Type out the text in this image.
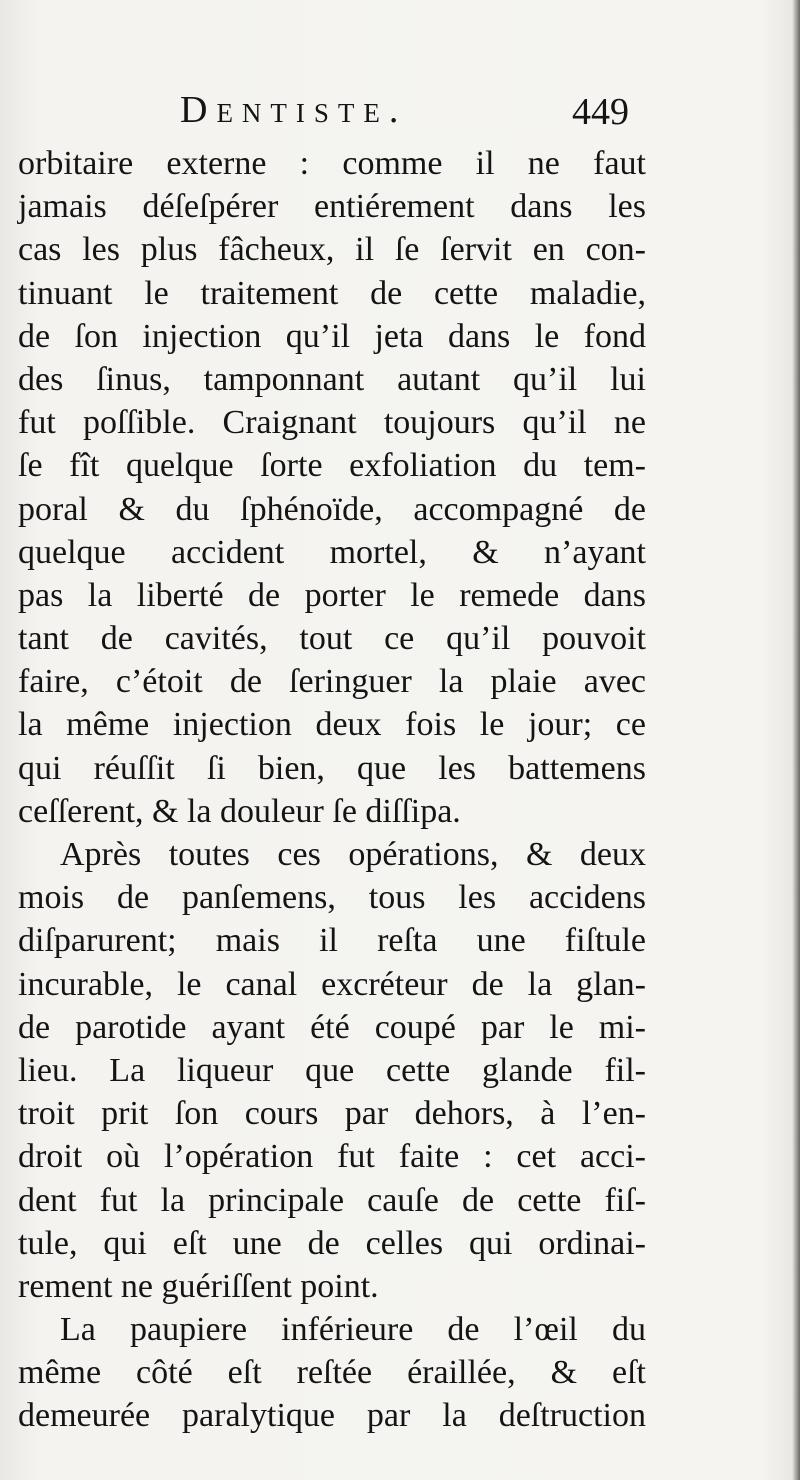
Dentiste.	449
orbitaire externe : comme il ne faut
jamais déſeſpérer entiérement dans les
cas les plus fâcheux, il ſe ſervit en con-
tinuant le traitement de cette maladie,
de ſon injection qu’il jeta dans le fond
des ſinus, tamponnant autant qu’il lui
fut poſſible. Craignant toujours qu’il ne
ſe fît quelque ſorte exfoliation du tem-
poral & du ſphénoïde, accompagné de
quelque accident mortel, & n’ayant
pas la liberté de porter le remede dans
tant de cavités, tout ce qu’il pouvoit
faire, c’étoit de ſeringuer la plaie avec
la même injection deux fois le jour; ce
qui réuſſit ſi bien, que les battemens
ceſſerent, & la douleur ſe diſſipa.
Après toutes ces opérations, & deux
mois de panſemens, tous les accidens
diſparurent; mais il reſta une fiſtule
incurable, le canal excréteur de la glan-
de parotide ayant été coupé par le mi-
lieu. La liqueur que cette glande fil-
troit prit ſon cours par dehors, à l’en-
droit où l’opération fut faite : cet acci-
dent fut la principale cauſe de cette fiſ-
tule, qui eſt une de celles qui ordinai-
rement ne guériſſent point.
La paupiere inférieure de l’œil du
même côté eſt reſtée éraillée, & eſt
demeurée paralytique par la deſtruction
